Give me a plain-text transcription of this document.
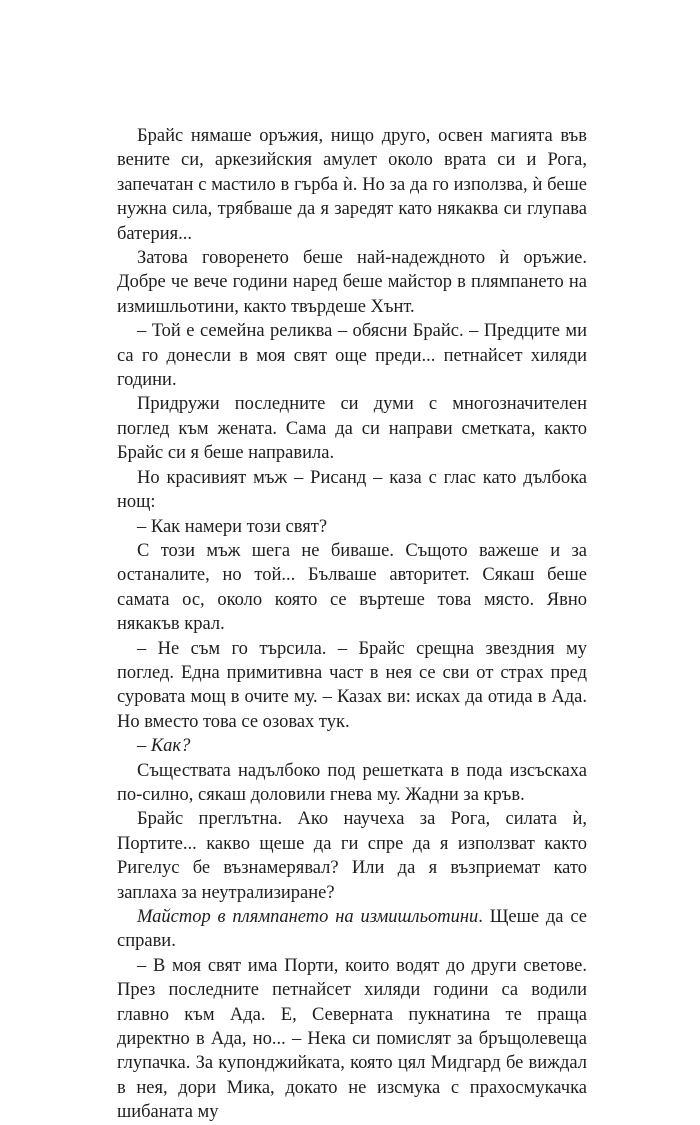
Брайс нямаше оръжия, нищо друго, освен магията във вените си, аркезийския амулет около врата си и Рога, запечатан с мастило в гърба ѝ. Но за да го използва, ѝ беше нужна сила, трябваше да я заредят като някаква си глупава батерия...

Затова говоренето беше най-надеждното ѝ оръжие. Добре че вече години наред беше майстор в плямпането на измишльотини, както твърдеше Хънт.

– Той е семейна реликва – обясни Брайс. – Предците ми са го донесли в моя свят още преди... петнайсет хиляди години.

Придружи последните си думи с многозначителен поглед към жената. Сама да си направи сметката, както Брайс си я беше направила.

Но красивият мъж – Рисанд – каза с глас като дълбока нощ:

– Как намери този свят?

С този мъж шега не биваше. Същото важеше и за останалите, но той... Бълваше авторитет. Сякаш беше самата ос, около която се въртеше това място. Явно някакъв крал.

– Не съм го търсила. – Брайс срещна звездния му поглед. Една примитивна част в нея се сви от страх пред суровата мощ в очите му. – Казах ви: исках да отида в Ада. Но вместо това се озовах тук.

– Как?

Съществата надълбоко под решетката в пода изсъскаха по-силно, сякаш доловили гнева му. Жадни за кръв.

Брайс преглътна. Ако научеха за Рога, силата ѝ, Портите... какво щеше да ги спре да я използват както Ригелус бе възнамерявал? Или да я възприемат като заплаха за неутрализиране?

Майстор в плямпането на измишльотини. Щеше да се справи.

– В моя свят има Порти, които водят до други светове. През последните петнайсет хиляди години са водили главно към Ада. Е, Северната пукнатина те праща директно в Ада, но... – Нека си помислят за бръщолевеща глупачка. За купонджийката, която цял Мидгард бе виждал в нея, дори Мика, докато не изсмука с прахосмукачка шибаната му
